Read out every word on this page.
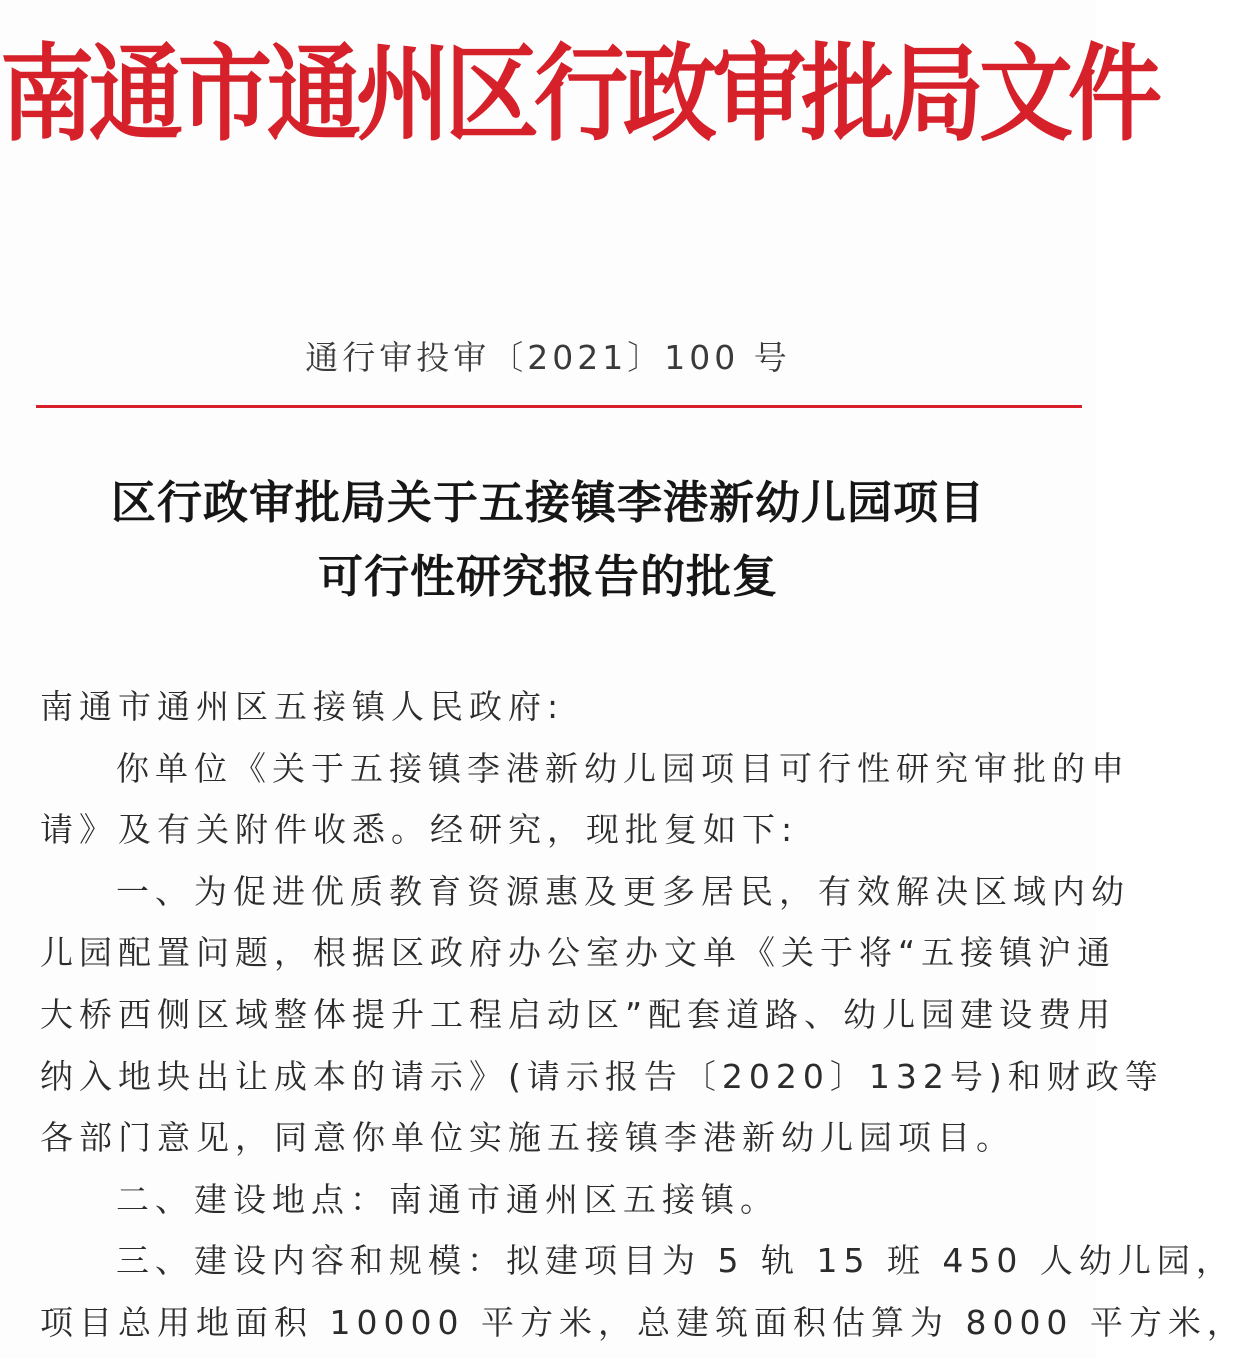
南通市通州区行政审批局文件
通行审投审〔2021〕100 号
区行政审批局关于五接镇李港新幼儿园项目
可行性研究报告的批复
南通市通州区五接镇人民政府:
你单位《关于五接镇李港新幼儿园项目可行性研究审批的申
请》及有关附件收悉。经研究，现批复如下:
一、为促进优质教育资源惠及更多居民，有效解决区域内幼
儿园配置问题，根据区政府办公室办文单《关于将“五接镇沪通
大桥西侧区域整体提升工程启动区”配套道路、幼儿园建设费用
纳入地块出让成本的请示》(请示报告〔2020〕132号)和财政等
各部门意见，同意你单位实施五接镇李港新幼儿园项目。
二、建设地点：南通市通州区五接镇。
三、建设内容和规模：拟建项目为 5 轨 15 班 450 人幼儿园，
项目总用地面积 10000 平方米，总建筑面积估算为 8000 平方米，
